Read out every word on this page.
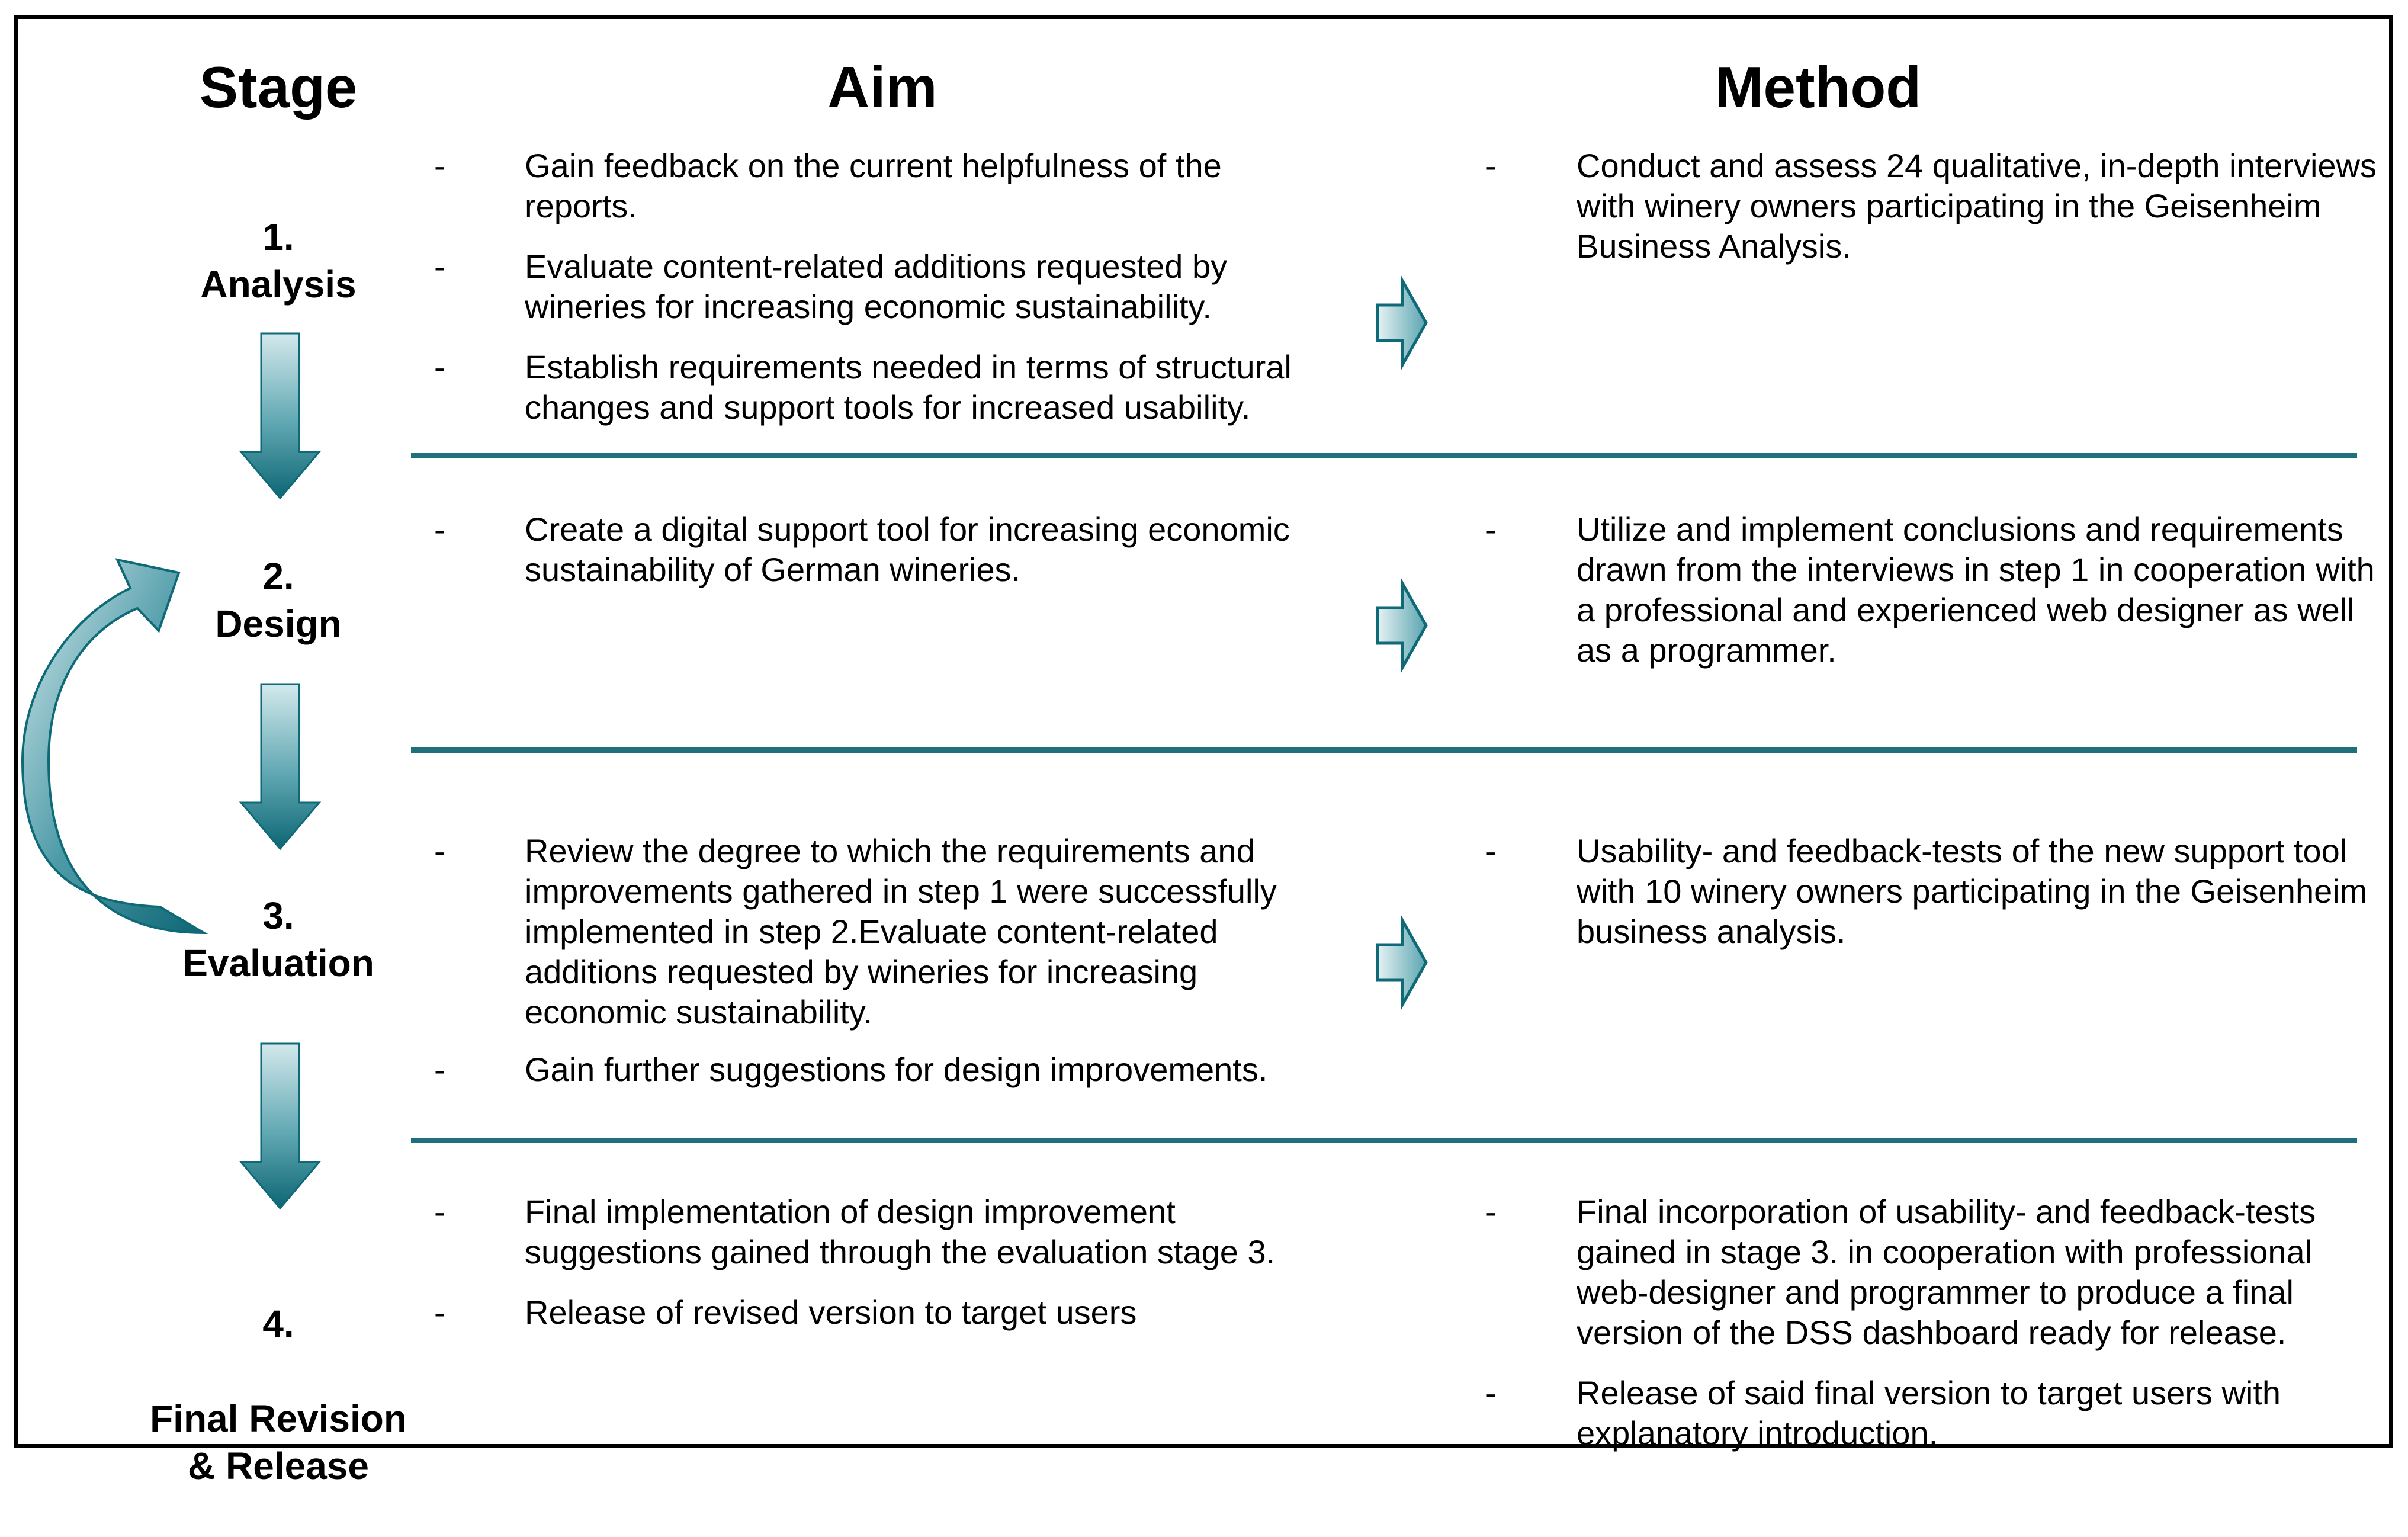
Stage	Aim	Method
1.
Analysis
2.
Design
3.
Evaluation

4.

Final Revision
& Release

- Gain feedback on the current helpfulness of the
reports.
- Evaluate content-related additions requested by
wineries for increasing economic sustainability.
- Establish requirements needed in terms of structural
changes and support tools for increased usability.
- Conduct and assess 24 qualitative, in-depth interviews
with winery owners participating in the Geisenheim
Business Analysis.
- Create a digital support tool for increasing economic
sustainability of German wineries.
- Utilize and implement conclusions and requirements
drawn from the interviews in step 1 in cooperation with
a professional and experienced web designer as well
as a programmer.
- Review the degree to which the requirements and
improvements gathered in step 1 were successfully
implemented in step 2.Evaluate content-related
additions requested by wineries for increasing
economic sustainability.
- Gain further suggestions for design improvements.
- Usability- and feedback-tests of the new support tool
with 10 winery owners participating in the Geisenheim
business analysis.
- Final implementation of design improvement
suggestions gained through the evaluation stage 3.
- Release of revised version to target users
- Final incorporation of usability- and feedback-tests
gained in stage 3. in cooperation with professional
web-designer and programmer to produce a final
version of the DSS dashboard ready for release.
- Release of said final version to target users with
explanatory introduction.
